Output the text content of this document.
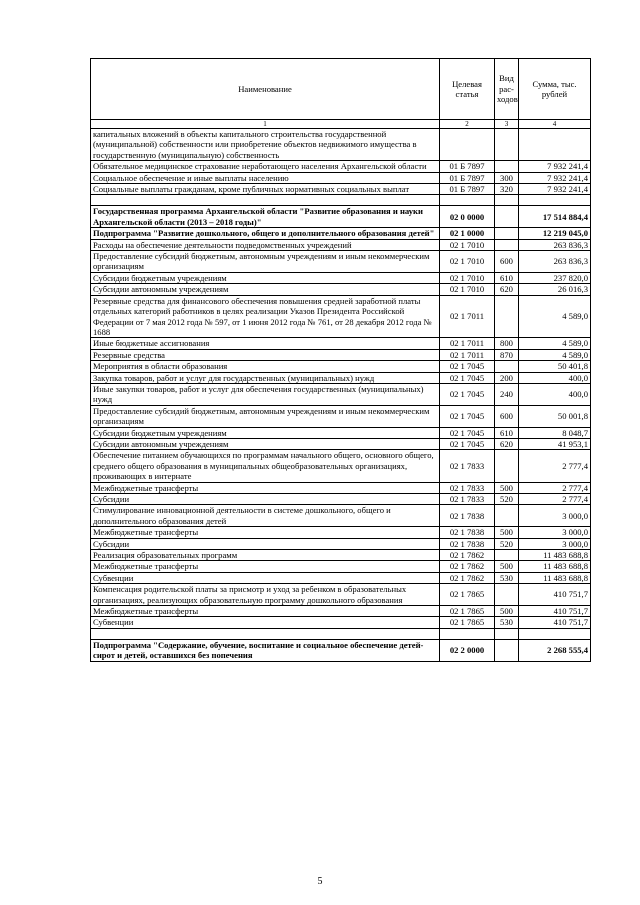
Наименование	Целевая статья	Вид рас-ходов	Сумма, тыс. рублей
1	2	3	4
капитальных вложений в объекты капитального строительства государственной (муниципальной) собственности или приобретение объектов недвижимого имущества в государственную (муниципальную) собственность			
Обязательное медицинское страхование неработающего населения Архангельской области	01 Б 7897		7 932 241,4
Социальное обеспечение и иные выплаты населению	01 Б 7897	300	7 932 241,4
Социальные выплаты гражданам, кроме публичных нормативных социальных выплат	01 Б 7897	320	7 932 241,4

Государственная программа Архангельской области "Развитие образования и науки Архангельской области (2013 – 2018 годы)"	02 0 0000		17 514 884,4
Подпрограмма "Развитие дошкольного, общего и дополнительного образования детей"	02 1 0000		12 219 045,0
Расходы на обеспечение деятельности подведомственных учреждений	02 1 7010		263 836,3
Предоставление субсидий бюджетным, автономным учреждениям и иным некоммерческим организациям	02 1 7010	600	263 836,3
Субсидии бюджетным учреждениям	02 1 7010	610	237 820,0
Субсидии автономным учреждениям	02 1 7010	620	26 016,3
Резервные средства для финансового обеспечения повышения средней заработной платы отдельных категорий работников в целях реализации Указов Президента Российской Федерации от 7 мая 2012 года № 597, от 1 июня 2012 года № 761, от 28 декабря 2012 года № 1688	02 1 7011		4 589,0
Иные бюджетные ассигнования	02 1 7011	800	4 589,0
Резервные средства	02 1 7011	870	4 589,0
Мероприятия в области образования	02 1 7045		50 401,8
Закупка товаров, работ и услуг для государственных (муниципальных) нужд	02 1 7045	200	400,0
Иные закупки товаров, работ и услуг для обеспечения государственных (муниципальных) нужд	02 1 7045	240	400,0
Предоставление субсидий бюджетным, автономным учреждениям и иным некоммерческим организациям	02 1 7045	600	50 001,8
Субсидии бюджетным учреждениям	02 1 7045	610	8 048,7
Субсидии автономным учреждениям	02 1 7045	620	41 953,1
Обеспечение питанием обучающихся по программам начального общего, основного общего, среднего общего образования в муниципальных общеобразовательных организациях, проживающих в интернате	02 1 7833		2 777,4
Межбюджетные трансферты	02 1 7833	500	2 777,4
Субсидии	02 1 7833	520	2 777,4
Стимулирование инновационной деятельности в системе дошкольного, общего и дополнительного образования детей	02 1 7838		3 000,0
Межбюджетные трансферты	02 1 7838	500	3 000,0
Субсидии	02 1 7838	520	3 000,0
Реализация образовательных программ	02 1 7862		11 483 688,8
Межбюджетные трансферты	02 1 7862	500	11 483 688,8
Субвенции	02 1 7862	530	11 483 688,8
Компенсация родительской платы за присмотр и уход за ребенком в образовательных организациях, реализующих образовательную программу дошкольного образования	02 1 7865		410 751,7
Межбюджетные трансферты	02 1 7865	500	410 751,7
Субвенции	02 1 7865	530	410 751,7

Подпрограмма "Содержание, обучение, воспитание и социальное обеспечение детей-сирот и детей, оставшихся без попечения	02 2 0000		2 268 555,4
5
